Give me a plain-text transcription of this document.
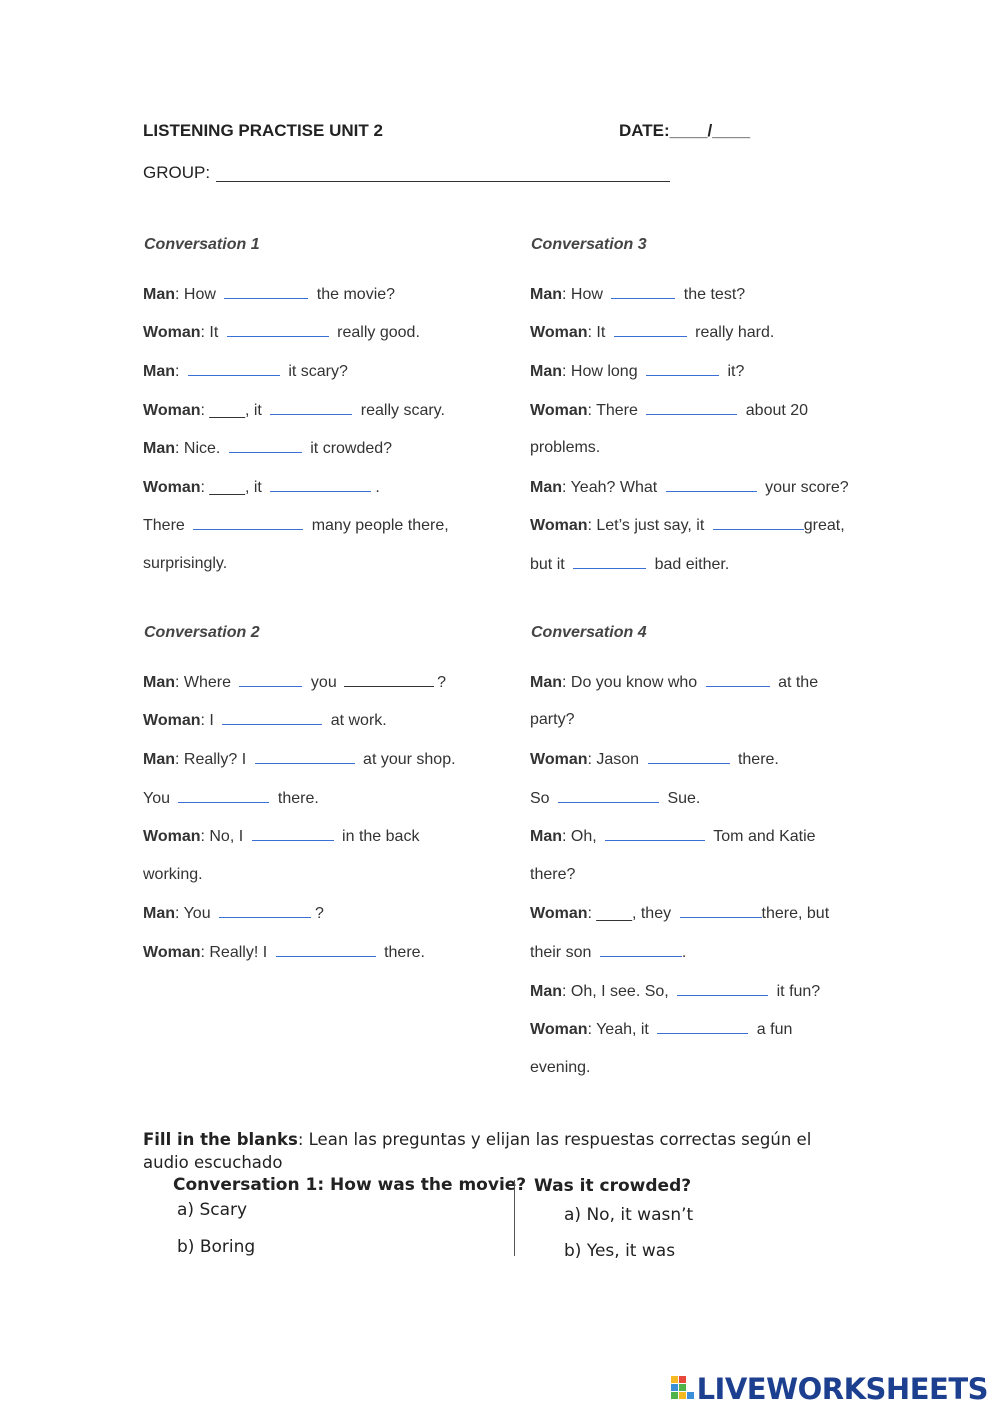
LISTENING PRACTISE UNIT 2	DATE:____/____
GROUP:
Conversation 1
Man: How	the movie?
Woman: It	really good.
Man:	it scary?
Woman: ____, it	really scary.
Man: Nice.	it crowded?
Woman: ____, it	.
There	many people there,
surprisingly.
Conversation 2
Man: Where	you	?
Woman: I	at work.
Man: Really? I	at your shop.
You	there.
Woman: No, I	in the back
working.
Man: You	?
Woman: Really! I	there.
Conversation 3
Man: How	the test?
Woman: It	really hard.
Man: How long	it?
Woman: There	about 20
problems.
Man: Yeah? What	your score?
Woman: Let’s just say, it	great,
but it	bad either.
Conversation 4
Man: Do you know who	at the
party?
Woman: Jason	there.
So	Sue.
Man: Oh,	Tom and Katie
there?
Woman: ____, they	there, but
their son	.
Man: Oh, I see. So,	it fun?
Woman: Yeah, it	a fun
evening.
Fill in the blanks: Lean las preguntas y elijan las respuestas correctas según el audio escuchado
Conversation 1: How was the movie?
a) Scary
b) Boring
Was it crowded?
a) No, it wasn’t
b) Yes, it was
LIVEWORKSHEETS
